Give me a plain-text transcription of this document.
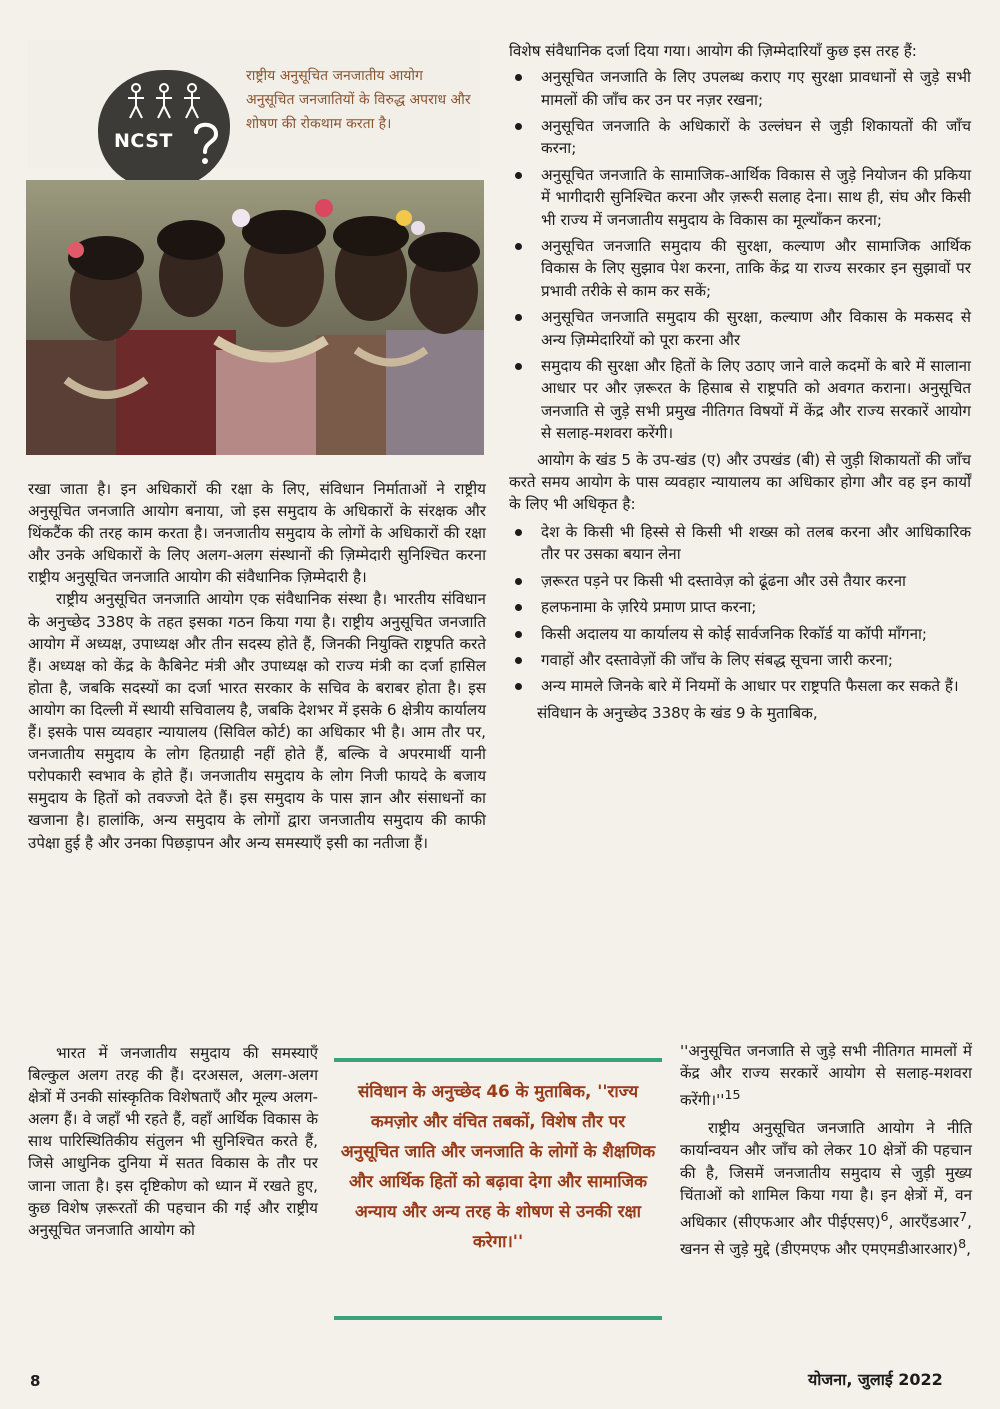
NCST

राष्ट्रीय अनुसूचित जनजातीय आयोग अनुसूचित जनजातियों के विरुद्ध अपराध और शोषण की रोकथाम करता है।

रखा जाता है। इन अधिकारों की रक्षा के लिए, संविधान निर्माताओं ने राष्ट्रीय अनुसूचित जनजाति आयोग बनाया, जो इस समुदाय के अधिकारों के संरक्षक और थिंकटैंक की तरह काम करता है। जनजातीय समुदाय के लोगों के अधिकारों की रक्षा और उनके अधिकारों के लिए अलग-अलग संस्थानों की ज़िम्मेदारी सुनिश्चित करना राष्ट्रीय अनुसूचित जनजाति आयोग की संवैधानिक ज़िम्मेदारी है।

राष्ट्रीय अनुसूचित जनजाति आयोग एक संवैधानिक संस्था है। भारतीय संविधान के अनुच्छेद 338ए के तहत इसका गठन किया गया है। राष्ट्रीय अनुसूचित जनजाति आयोग में अध्यक्ष, उपाध्यक्ष और तीन सदस्य होते हैं, जिनकी नियुक्ति राष्ट्रपति करते हैं। अध्यक्ष को केंद्र के कैबिनेट मंत्री और उपाध्यक्ष को राज्य मंत्री का दर्जा हासिल होता है, जबकि सदस्यों का दर्जा भारत सरकार के सचिव के बराबर होता है। इस आयोग का दिल्ली में स्थायी सचिवालय है, जबकि देशभर में इसके 6 क्षेत्रीय कार्यालय हैं। इसके पास व्यवहार न्यायालय (सिविल कोर्ट) का अधिकार भी है। आम तौर पर, जनजातीय समुदाय के लोग हितग्राही नहीं होते हैं, बल्कि वे अपरमार्थी यानी परोपकारी स्वभाव के होते हैं। जनजातीय समुदाय के लोग निजी फायदे के बजाय समुदाय के हितों को तवज्जो देते हैं। इस समुदाय के पास ज्ञान और संसाधनों का खजाना है। हालांकि, अन्य समुदाय के लोगों द्वारा जनजातीय समुदाय की काफी उपेक्षा हुई है और उनका पिछड़ापन और अन्य समस्याएँ इसी का नतीजा हैं।

भारत में जनजातीय समुदाय की समस्याएँ बिल्कुल अलग तरह की हैं। दरअसल, अलग-अलग क्षेत्रों में उनकी सांस्कृतिक विशेषताएँ और मूल्य अलग-अलग हैं। वे जहाँ भी रहते हैं, वहाँ आर्थिक विकास के साथ पारिस्थितिकीय संतुलन भी सुनिश्चित करते हैं, जिसे आधुनिक दुनिया में सतत विकास के तौर पर जाना जाता है। इस दृष्टिकोण को ध्यान में रखते हुए, कुछ विशेष ज़रूरतों की पहचान की गई और राष्ट्रीय अनुसूचित जनजाति आयोग को

विशेष संवैधानिक दर्जा दिया गया। आयोग की ज़िम्मेदारियाँ कुछ इस तरह हैं:

अनुसूचित जनजाति के लिए उपलब्ध कराए गए सुरक्षा प्रावधानों से जुड़े सभी मामलों की जाँच कर उन पर नज़र रखना;
अनुसूचित जनजाति के अधिकारों के उल्लंघन से जुड़ी शिकायतों की जाँच करना;
अनुसूचित जनजाति के सामाजिक-आर्थिक विकास से जुड़े नियोजन की प्रकिया में भागीदारी सुनिश्चित करना और ज़रूरी सलाह देना। साथ ही, संघ और किसी भी राज्य में जनजातीय समुदाय के विकास का मूल्याँकन करना;
अनुसूचित जनजाति समुदाय की सुरक्षा, कल्याण और सामाजिक आर्थिक विकास के लिए सुझाव पेश करना, ताकि केंद्र या राज्य सरकार इन सुझावों पर प्रभावी तरीके से काम कर सकें;
अनुसूचित जनजाति समुदाय की सुरक्षा, कल्याण और विकास के मकसद से अन्य ज़िम्मेदारियों को पूरा करना और
समुदाय की सुरक्षा और हितों के लिए उठाए जाने वाले कदमों के बारे में सालाना आधार पर और ज़रूरत के हिसाब से राष्ट्रपति को अवगत कराना। अनुसूचित जनजाति से जुड़े सभी प्रमुख नीतिगत विषयों में केंद्र और राज्य सरकारें आयोग से सलाह-मशवरा करेंगी।

आयोग के खंड 5 के उप-खंड (ए) और उपखंड (बी) से जुड़ी शिकायतों की जाँच करते समय आयोग के पास व्यवहार न्यायालय का अधिकार होगा और वह इन कार्यों के लिए भी अधिकृत है:

देश के किसी भी हिस्से से किसी भी शख्स को तलब करना और आधिकारिक तौर पर उसका बयान लेना
ज़रूरत पड़ने पर किसी भी दस्तावेज़ को ढूंढना और उसे तैयार करना
हलफनामा के ज़रिये प्रमाण प्राप्त करना;
किसी अदालय या कार्यालय से कोई सार्वजनिक रिकॉर्ड या कॉपी माँगना;
गवाहों और दस्तावेज़ों की जाँच के लिए संबद्ध सूचना जारी करना;
अन्य मामले जिनके बारे में नियमों के आधार पर राष्ट्रपति फैसला कर सकते हैं।

संविधान के अनुच्छेद 338ए के खंड 9 के मुताबिक,

''अनुसूचित जनजाति से जुड़े सभी नीतिगत मामलों में केंद्र और राज्य सरकारें आयोग से सलाह-मशवरा $करेंगी।''^{15}$

राष्ट्रीय अनुसूचित जनजाति आयोग ने नीति कार्यान्वयन और जाँच को लेकर 10 क्षेत्रों की पहचान की है, जिसमें जनजातीय समुदाय से जुड़ी मुख्य चिंताओं को शामिल किया गया है। इन क्षेत्रों में, वन अधिकार (सीएफआर और पीईएसए)$^6$, आरएँडआर$^7$, खनन से जुड़े मुद्दे (डीएमएफ और एमएमडीआरआर)$^8$,

संविधान के अनुच्छेद 46 के मुताबिक, ''राज्य कमज़ोर और वंचित तबकों, विशेष तौर पर अनुसूचित जाति और जनजाति के लोगों के शैक्षणिक और आर्थिक हितों को बढ़ावा देगा और सामाजिक अन्याय और अन्य तरह के शोषण से उनकी रक्षा करेगा।''

8	योजना, जुलाई 2022
